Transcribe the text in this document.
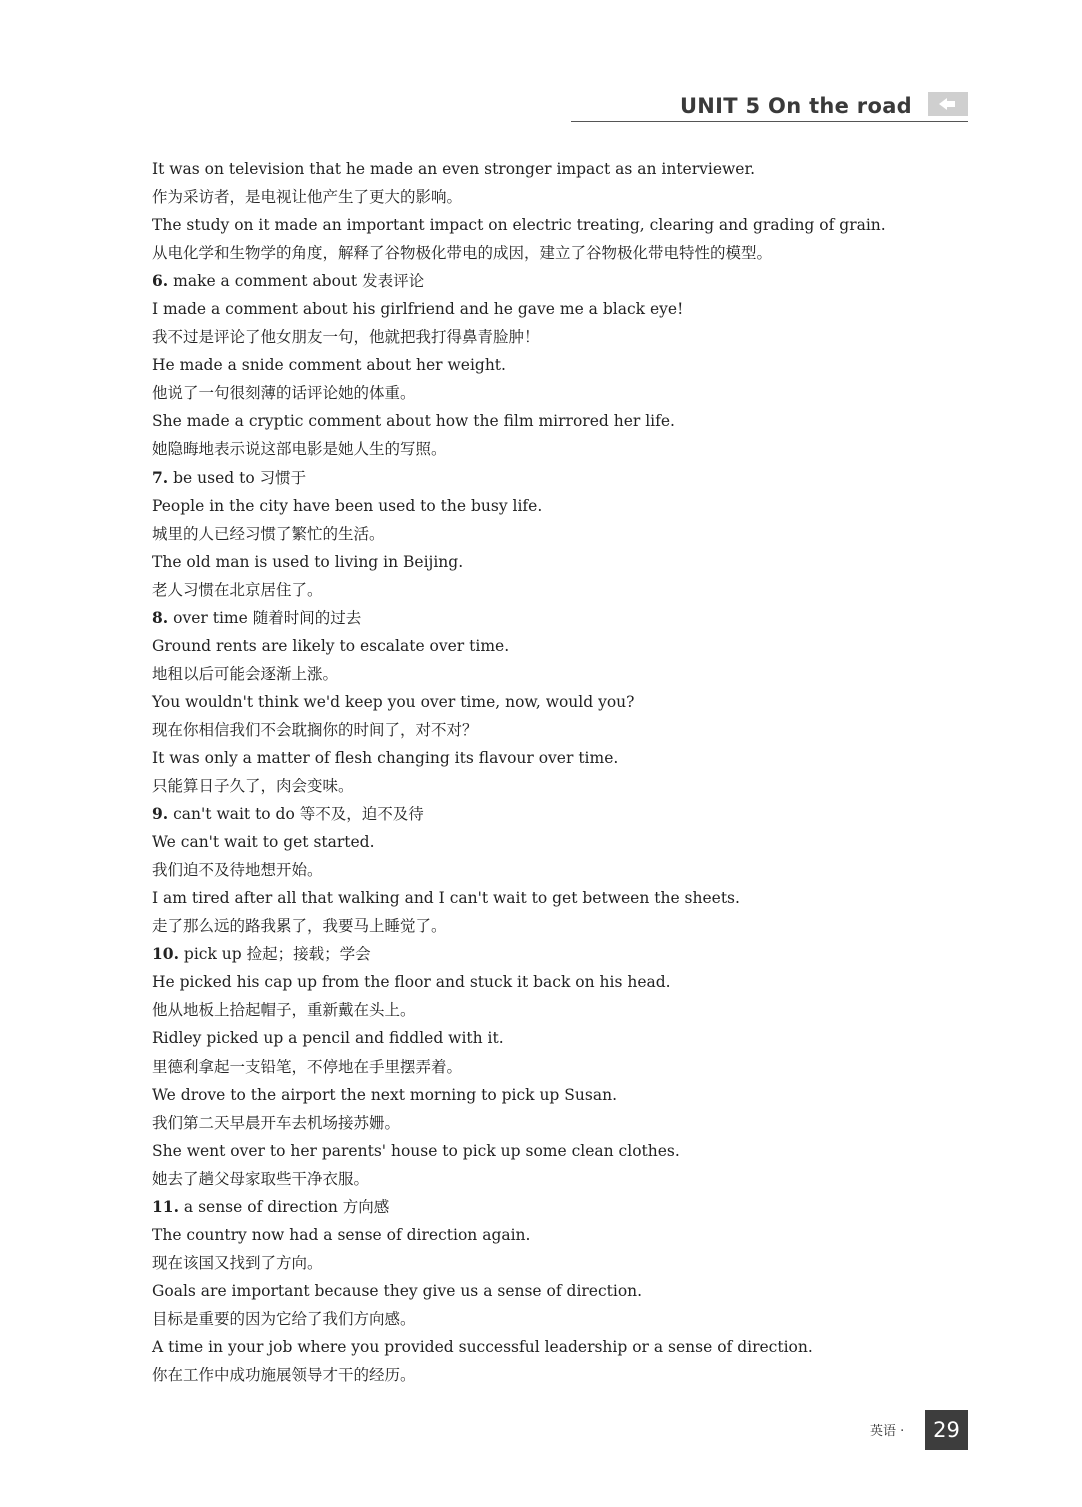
UNIT 5 On the road
It was on television that he made an even stronger impact as an interviewer.
作为采访者，是电视让他产生了更大的影响。
The study on it made an important impact on electric treating, clearing and grading of grain.
从电化学和生物学的角度，解释了谷物极化带电的成因，建立了谷物极化带电特性的模型。
6. make a comment about 发表评论
I made a comment about his girlfriend and he gave me a black eye!
我不过是评论了他女朋友一句，他就把我打得鼻青脸肿！
He made a snide comment about her weight.
他说了一句很刻薄的话评论她的体重。
She made a cryptic comment about how the film mirrored her life.
她隐晦地表示说这部电影是她人生的写照。
7. be used to 习惯于
People in the city have been used to the busy life.
城里的人已经习惯了繁忙的生活。
The old man is used to living in Beijing.
老人习惯在北京居住了。
8. over time 随着时间的过去
Ground rents are likely to escalate over time.
地租以后可能会逐渐上涨。
You wouldn't think we'd keep you over time, now, would you?
现在你相信我们不会耽搁你的时间了，对不对？
It was only a matter of flesh changing its flavour over time.
只能算日子久了，肉会变味。
9. can't wait to do 等不及，迫不及待
We can't wait to get started.
我们迫不及待地想开始。
I am tired after all that walking and I can't wait to get between the sheets.
走了那么远的路我累了，我要马上睡觉了。
10. pick up 捡起；接载；学会
He picked his cap up from the floor and stuck it back on his head.
他从地板上拾起帽子，重新戴在头上。
Ridley picked up a pencil and fiddled with it.
里德利拿起一支铅笔，不停地在手里摆弄着。
We drove to the airport the next morning to pick up Susan.
我们第二天早晨开车去机场接苏姗。
She went over to her parents' house to pick up some clean clothes.
她去了趟父母家取些干净衣服。
11. a sense of direction 方向感
The country now had a sense of direction again.
现在该国又找到了方向。
Goals are important because they give us a sense of direction.
目标是重要的因为它给了我们方向感。
A time in your job where you provided successful leadership or a sense of direction.
你在工作中成功施展领导才干的经历。
英语 ·	29
